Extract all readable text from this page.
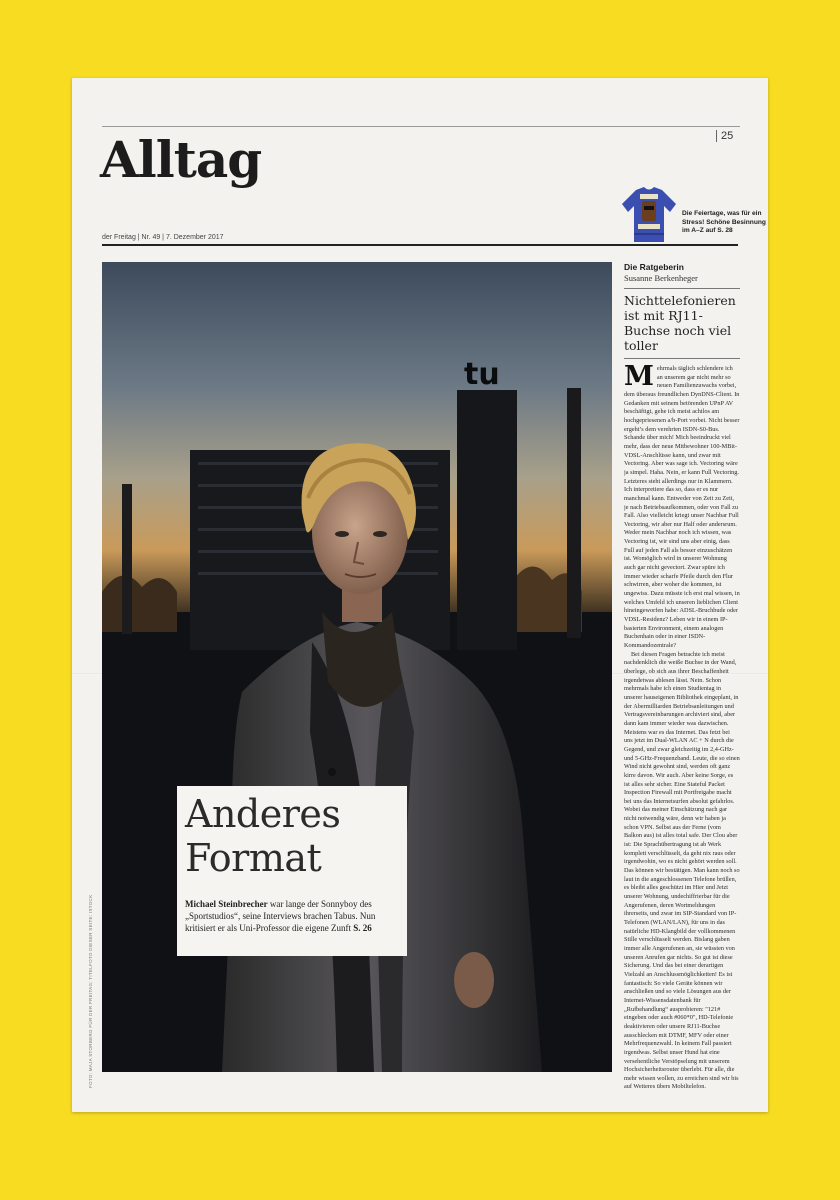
25
Alltag
Die Feiertage, was für ein Stress! Schöne Besinnung im A–Z auf S. 28
der Freitag | Nr. 49 | 7. Dezember 2017
tu
Anderes
Format
Michael Steinbrecher war lange der Sonnyboy des „Sportstudios“, seine Interviews brachen Tabus. Nun kritisiert er als Uni-Professor die eigene Zunft S. 26
FOTO: MAJA STORBERG FÜR DER FREITAG; TITELFOTO DIESER SEITE: ISTOCK
Die Ratgeberin
Susanne Berkenheger
Nichttelefonieren ist mit RJ11-Buchse noch viel toller

Mehrmals täglich schlendere ich an unserem gar nicht mehr so neuen Familienzuwachs vorbei, dem überaus freundlichen DynDNS-Client. In Gedanken mit seinem betörenden UPnP AV beschäftigt, gehe ich meist achtlos am hochgepriesenen a/b-Port vorbei. Nicht besser ergeht’s dem verehrten ISDN-S0-Bus. Schande über mich! Mich beeindruckt viel mehr, dass der neue Mitbewohner 100-MBit-VDSL-Anschlüsse kann, und zwar mit Vectoring. Aber was sage ich. Vectoring wäre ja simpel. Haha. Nein, er kann Full Vectoring. Letzteres steht allerdings nur in Klammern. Ich interpretiere das so, dass er es nur manchmal kann. Entweder von Zeit zu Zeit, je nach Betriebsaufkommen, oder von Fall zu Fall. Also vielleicht kriegt unser Nachbar Full Vectoring, wir aber nur Half oder andersrum. Weder mein Nachbar noch ich wissen, was Vectoring ist, wir sind uns aber einig, dass Full auf jeden Fall als besser einzuschätzen ist. Womöglich wird in unserer Wohnung auch gar nicht gevectort. Zwar spüre ich immer wieder scharfe Pfeile durch den Flur schwirren, aber woher die kommen, ist ungewiss. Dazu müsste ich erst mal wissen, in welches Umfeld ich unseren lieblichen Client hineingeworfen habe: ADSL-Bruchbude oder VDSL-Residenz? Leben wir in einem IP-basierten Environment, einem analogen Buchenhain oder in einer ISDN-Kommandozentrale?

Bei diesen Fragen betrachte ich meist nachdenklich die weiße Buchse in der Wand, überlege, ob sich aus ihrer Beschaffenheit irgendetwas ablesen lässt. Nein. Schon mehrmals habe ich einen Studientag in unserer hauseigenen Bibliothek eingeplant, in der Abermilliarden Betriebsanleitungen und Vertragsvereinbarungen archiviert sind, aber dann kam immer wieder was dazwischen. Meistens war es das Internet. Das fetzt bei uns jetzt im Dual-WLAN AC + N durch die Gegend, und zwar gleichzeitig im 2,4-GHz- und 5-GHz-Frequenzband. Leute, die so einen Wind nicht gewohnt sind, werden oft ganz kirre davon. Wir auch. Aber keine Sorge, es ist alles sehr sicher. Eine Stateful Packet Inspection Firewall mit Portfreigabe macht bei uns das Internetsurfen absolut gefahrlos. Wobei das meiner Einschätzung nach gar nicht notwendig wäre, denn wir haben ja schon VPN. Selbst aus der Ferne (vom Balkon aus) ist alles total safe. Der Clou aber ist: Die Sprachübertragung ist ab Werk komplett verschlüsselt, da geht nix raus oder irgendwohin, wo es nicht gehört werden soll. Das können wir bestätigen. Man kann noch so laut in die angeschlossenen Telefone brüllen, es bleibt alles geschützt im Hier und Jetzt unserer Wohnung, undechiffrierbar für die Angerufenen, deren Wortmeldungen ihrerseits, und zwar im SIP-Standard von IP-Telefonen (WLAN/LAN), für uns in das natürliche HD-Klangbild der vollkommenen Stille verschlüsselt werden. Bislang gaben immer alle Angerufenen an, sie wüssten von unseren Anrufen gar nichts. So gut ist diese Sicherung. Und das bei einer derartigen Vielzahl an Anschlussmöglichkeiten! Es ist fantastisch: So viele Geräte können wir anschließen und so viele Lösungen aus der Internet-Wissensdatenbank für „Rufbehandlung“ ausprobieren: "121# eingeben oder auch #060*0", HD-Telefonie deaktivieren oder unsere RJ11-Buchse ausschlecken mit DTMF, MFV oder einer Mehrfrequenzwahl. In keinem Fall passiert irgendwas. Selbst unser Hund hat eine versehentliche Verstöpselung mit unserem Hochsicherheitsrouter überlebt. Für alle, die mehr wissen wollen, zu erreichen sind wir bis auf Weiteres übers Mobiltelefon.
